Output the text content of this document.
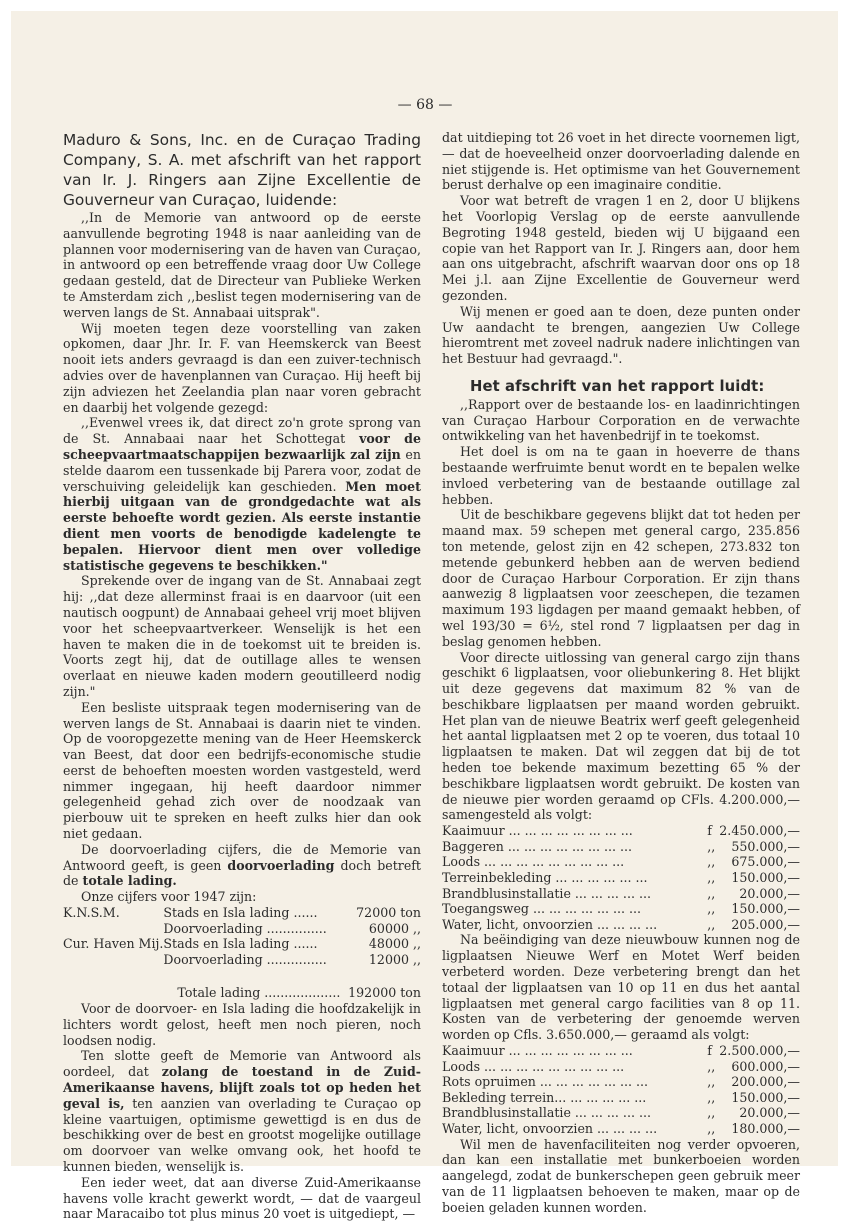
— 68 —

Maduro & Sons, Inc. en de Curaçao Trading Company, S. A. met afschrift van het rapport van Ir. J. Ringers aan Zijne Excellentie de Gouverneur van Curaçao, luidende:

,,In de Memorie van antwoord op de eerste aanvullende begroting 1948 is naar aanleiding van de plannen voor modernisering van de haven van Curaçao, in antwoord op een betreffende vraag door Uw College gedaan gesteld, dat de Directeur van Publieke Werken te Amsterdam zich ,,beslist tegen modernisering van de werven langs de St. Annabaai uitsprak".

Wij moeten tegen deze voorstelling van zaken opkomen, daar Jhr. Ir. F. van Heemskerck van Beest nooit iets anders gevraagd is dan een zuiver-technisch advies over de havenplannen van Curaçao. Hij heeft bij zijn adviezen het Zeelandia plan naar voren gebracht en daarbij het volgende gezegd:

,,Evenwel vrees ik, dat direct zo'n grote sprong van de St. Annabaai naar het Schottegat voor de scheepvaartmaatschappijen bezwaarlijk zal zijn en stelde daarom een tussenkade bij Parera voor, zodat de verschuiving geleidelijk kan geschieden. Men moet hierbij uitgaan van de grondgedachte wat als eerste behoefte wordt gezien. Als eerste instantie dient men voorts de benodigde kadelengte te bepalen. Hiervoor dient men over volledige statistische gegevens te beschikken."

Sprekende over de ingang van de St. Annabaai zegt hij: ,,dat deze allerminst fraai is en daarvoor (uit een nautisch oogpunt) de Annabaai geheel vrij moet blijven voor het scheepvaartverkeer. Wenselijk is het een haven te maken die in de toekomst uit te breiden is. Voorts zegt hij, dat de outillage alles te wensen overlaat en nieuwe kaden modern geoutilleerd nodig zijn."

Een besliste uitspraak tegen modernisering van de werven langs de St. Annabaai is daarin niet te vinden. Op de vooropgezette mening van de Heer Heemskerck van Beest, dat door een bedrijfs-economische studie eerst de behoeften moesten worden vastgesteld, werd nimmer ingegaan, hij heeft daardoor nimmer gelegenheid gehad zich over de noodzaak van pierbouw uit te spreken en heeft zulks hier dan ook niet gedaan.

De doorvoerlading cijfers, die de Memorie van Antwoord geeft, is geen doorvoerlading doch betreft de totale lading.

Onze cijfers voor 1947 zijn:

K.N.S.M.	Stads en Isla lading ......	72000 ton
	Doorvoerlading ...............	60000 ,,
Cur. Haven Mij.	Stads en Isla lading ......	48000 ,,
	Doorvoerlading ...............	12000 ,,

	Totale lading ...................	192000 ton

Voor de doorvoer- en Isla lading die hoofdzakelijk in lichters wordt gelost, heeft men noch pieren, noch loodsen nodig.

Ten slotte geeft de Memorie van Antwoord als oordeel, dat zolang de toestand in de Zuid-Amerikaanse havens, blijft zoals tot op heden het geval is, ten aanzien van overlading te Curaçao op kleine vaartuigen, optimisme gewettigd is en dus de beschikking over de best en grootst mogelijke outillage om doorvoer van welke omvang ook, het hoofd te kunnen bieden, wenselijk is.

Een ieder weet, dat aan diverse Zuid-Amerikaanse havens volle kracht gewerkt wordt, — dat de vaargeul naar Maracaibo tot plus minus 20 voet is uitgediept, —

dat uitdieping tot 26 voet in het directe voornemen ligt, — dat de hoeveelheid onzer doorvoerlading dalende en niet stijgende is. Het optimisme van het Gouvernement berust derhalve op een imaginaire conditie.

Voor wat betreft de vragen 1 en 2, door U blijkens het Voorlopig Verslag op de eerste aanvullende Begroting 1948 gesteld, bieden wij U bijgaand een copie van het Rapport van Ir. J. Ringers aan, door hem aan ons uitgebracht, afschrift waarvan door ons op 18 Mei j.l. aan Zijne Excellentie de Gouverneur werd gezonden.

Wij menen er goed aan te doen, deze punten onder Uw aandacht te brengen, aangezien Uw College hieromtrent met zoveel nadruk nadere inlichtingen van het Bestuur had gevraagd.".

Het afschrift van het rapport luidt:

,,Rapport over de bestaande los- en laadinrichtingen van Curaçao Harbour Corporation en de verwachte ontwikkeling van het havenbedrijf in te toekomst.

Het doel is om na te gaan in hoeverre de thans bestaande werfruimte benut wordt en te bepalen welke invloed verbetering van de bestaande outillage zal hebben.

Uit de beschikbare gegevens blijkt dat tot heden per maand max. 59 schepen met general cargo, 235.856 ton metende, gelost zijn en 42 schepen, 273.832 ton metende gebunkerd hebben aan de werven bediend door de Curaçao Harbour Corporation. Er zijn thans aanwezig 8 ligplaatsen voor zeeschepen, die tezamen maximum 193 ligdagen per maand gemaakt hebben, of wel 193/30 = 6½, stel rond 7 ligplaatsen per dag in beslag genomen hebben.

Voor directe uitlossing van general cargo zijn thans geschikt 6 ligplaatsen, voor oliebunkering 8. Het blijkt uit deze gegevens dat maximum 82 % van de beschikbare ligplaatsen per maand worden gebruikt. Het plan van de nieuwe Beatrix werf geeft gelegenheid het aantal ligplaatsen met 2 op te voeren, dus totaal 10 ligplaatsen te maken. Dat wil zeggen dat bij de tot heden toe bekende maximum bezetting 65 % der beschikbare ligplaatsen wordt gebruikt. De kosten van de nieuwe pier worden geraamd op CFls. 4.200.000,— samengesteld als volgt:

Kaaimuur ... ... ... ... ... ... ... ...	f	2.450.000,—
Baggeren ... ... ... ... ... ... ... ...	,,	550.000,—
Loods ... ... ... ... ... ... ... ... ...	,,	675.000,—
Terreinbekleding ... ... ... ... ... ...	,,	150.000,—
Brandblusinstallatie ... ... ... ... ...	,,	20.000,—
Toegangsweg ... ... ... ... ... ... ...	,,	150.000,—
Water, licht, onvoorzien ... ... ... ...	,,	205.000,—

Na beëindiging van deze nieuwbouw kunnen nog de ligplaatsen Nieuwe Werf en Motet Werf beiden verbeterd worden. Deze verbetering brengt dan het totaal der ligplaatsen van 10 op 11 en dus het aantal ligplaatsen met general cargo facilities van 8 op 11. Kosten van de verbetering der genoemde werven worden op Cfls. 3.650.000,— geraamd als volgt:

Kaaimuur ... ... ... ... ... ... ... ...	f	2.500.000,—
Loods ... ... ... ... ... ... ... ... ...	,,	600.000,—
Rots opruimen ... ... ... ... ... ... ...	,,	200.000,—
Bekleding terrein... ... ... ... ... ...	,,	150.000,—
Brandblusinstallatie ... ... ... ... ...	,,	20.000,—
Water, licht, onvoorzien ... ... ... ...	,,	180.000,—

Wil men de havenfaciliteiten nog verder opvoeren, dan kan een installatie met bunkerboeien worden aangelegd, zodat de bunkerschepen geen gebruik meer van de 11 ligplaatsen behoeven te maken, maar op de boeien geladen kunnen worden.
